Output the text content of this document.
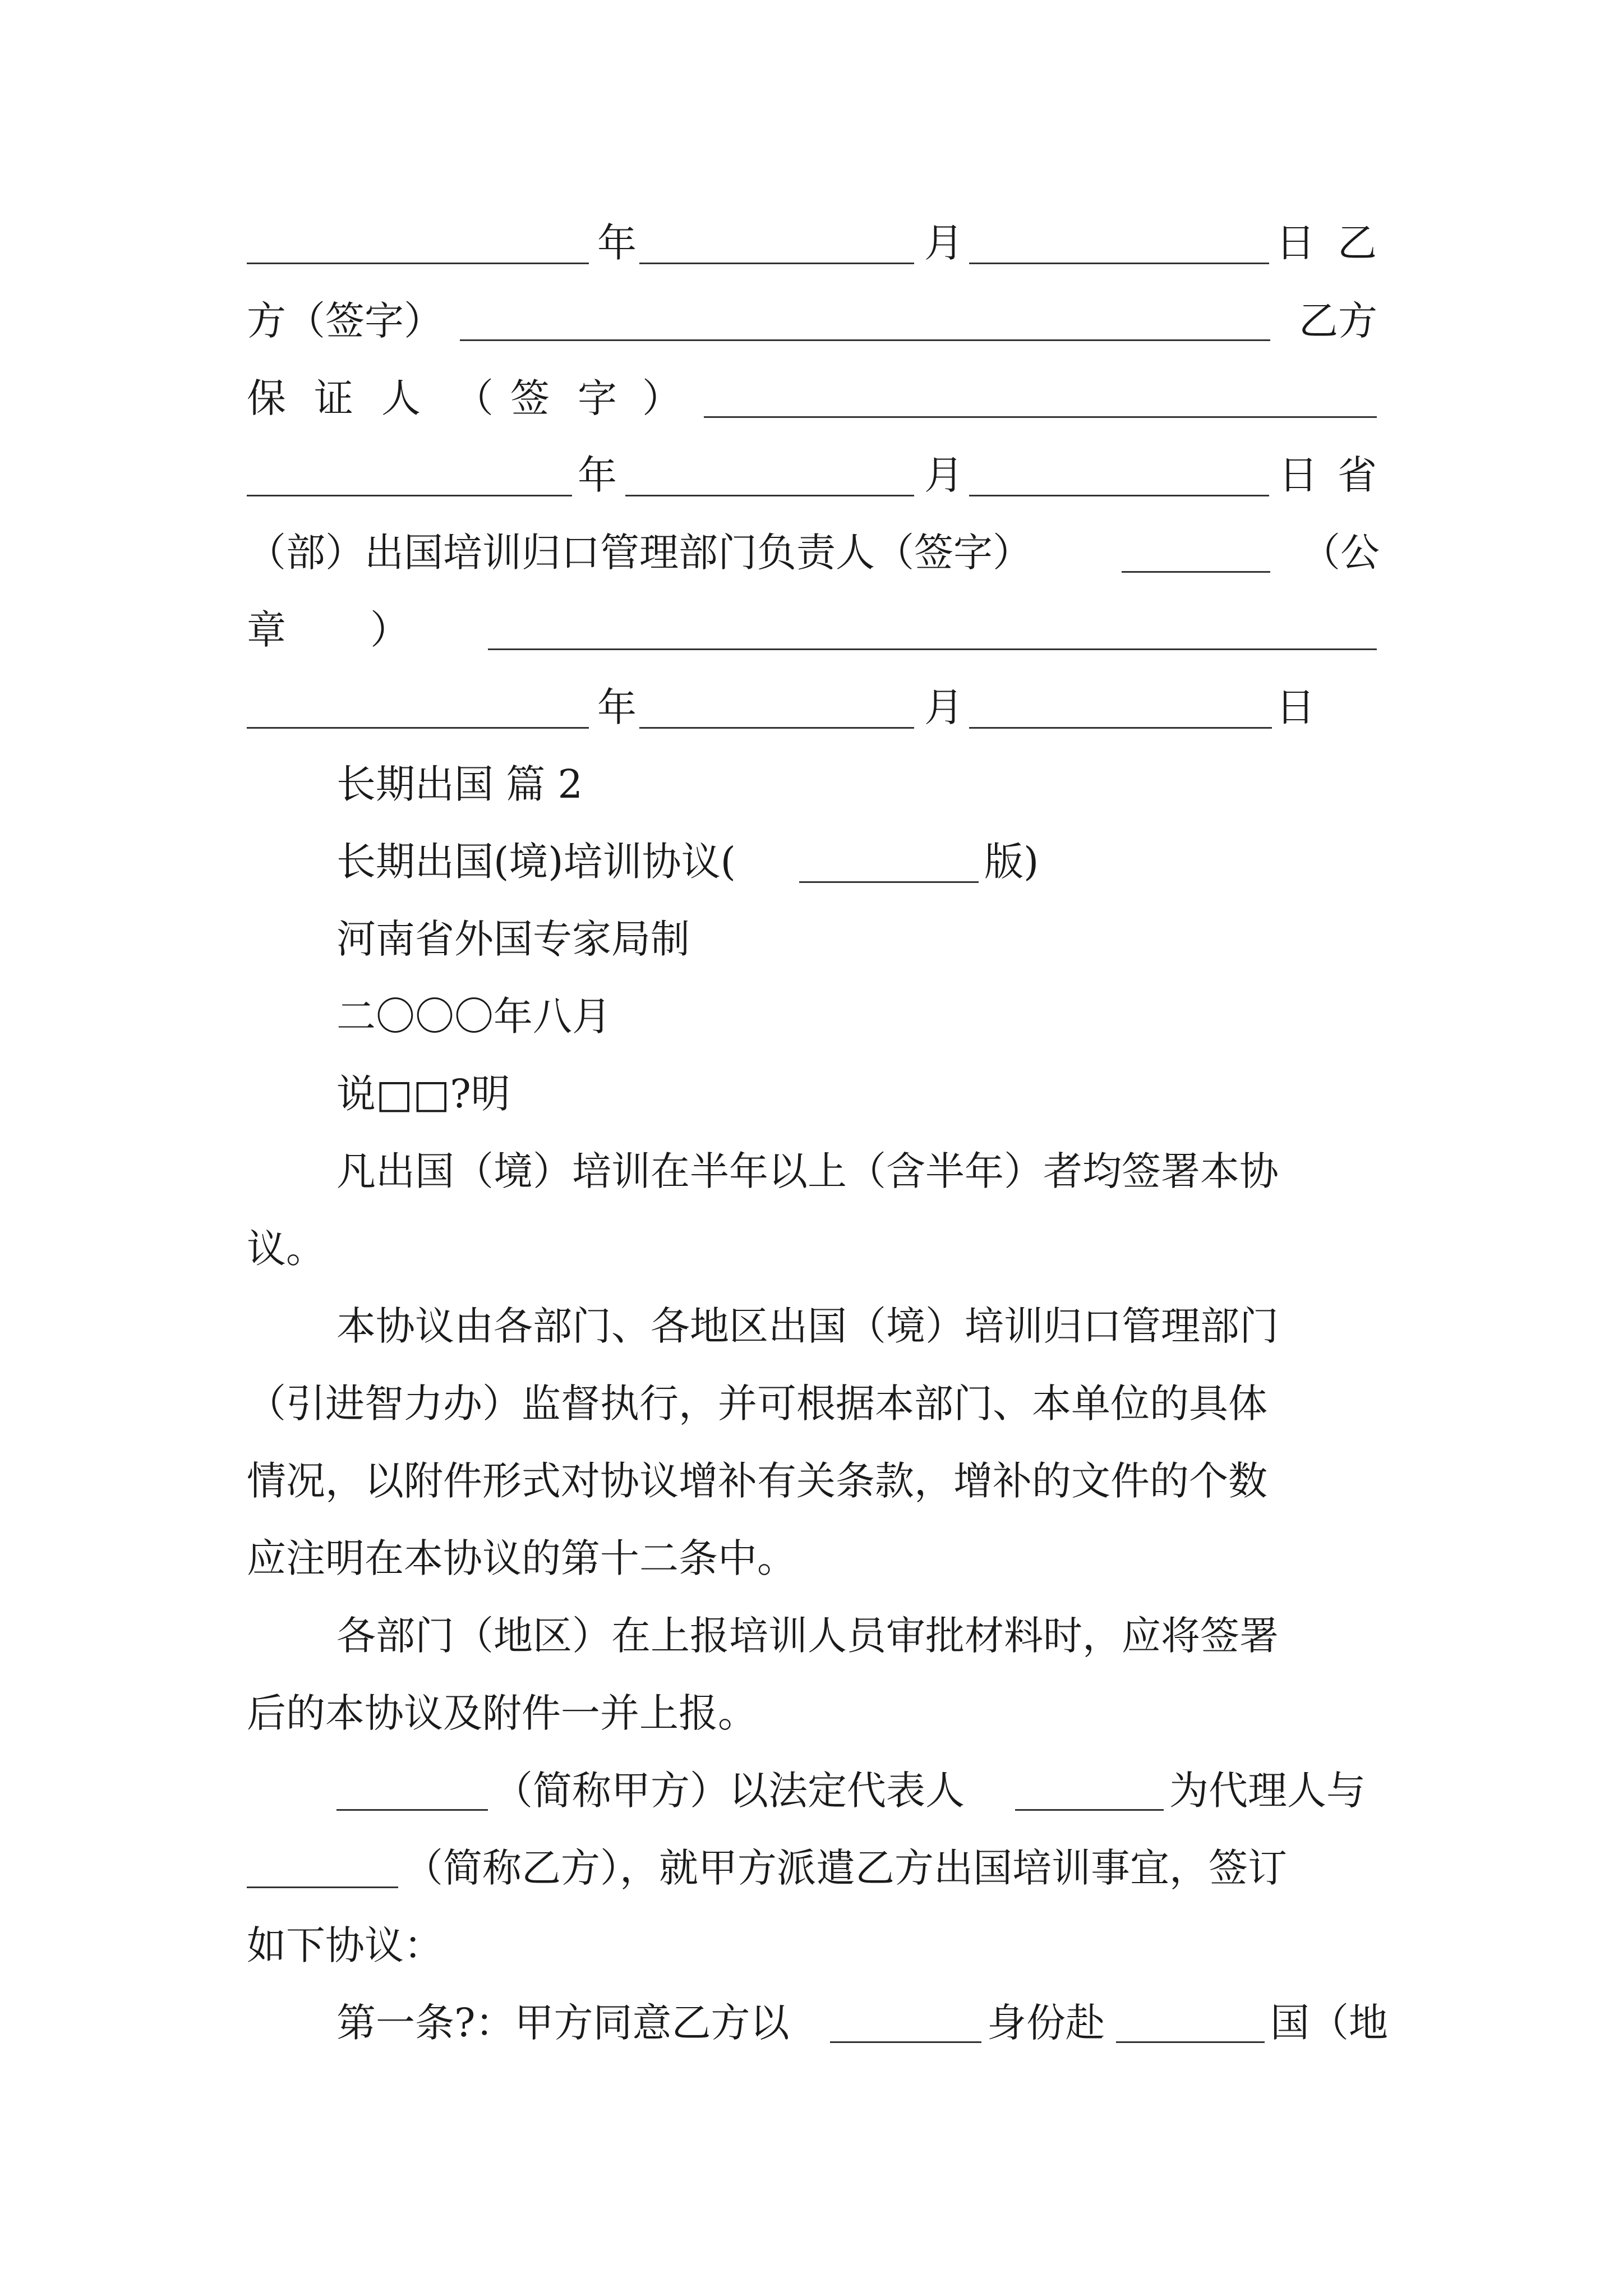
年	月	日 乙
方（签字）	乙方
保 证 人 （ 签 字 ）
年	月	日 省
（部）出国培训归口管理部门负责人（签字）	（公
章 ）
年	月	日
长期出国 篇 2
长期出国(境)培训协议(	版)
河南省外国专家局制
二〇〇〇年八月
说□□?明
凡出国（境）培训在半年以上（含半年）者均签署本协
议。
本协议由各部门、各地区出国（境）培训归口管理部门
（引进智力办）监督执行，并可根据本部门、本单位的具体
情况，以附件形式对协议增补有关条款，增补的文件的个数
应注明在本协议的第十二条中。
各部门（地区）在上报培训人员审批材料时，应将签署
后的本协议及附件一并上报。
（简称甲方）以法定代表人	为代理人与
（简称乙方），就甲方派遣乙方出国培训事宜，签订
如下协议：
第一条?：甲方同意乙方以	身份赴	国（地
